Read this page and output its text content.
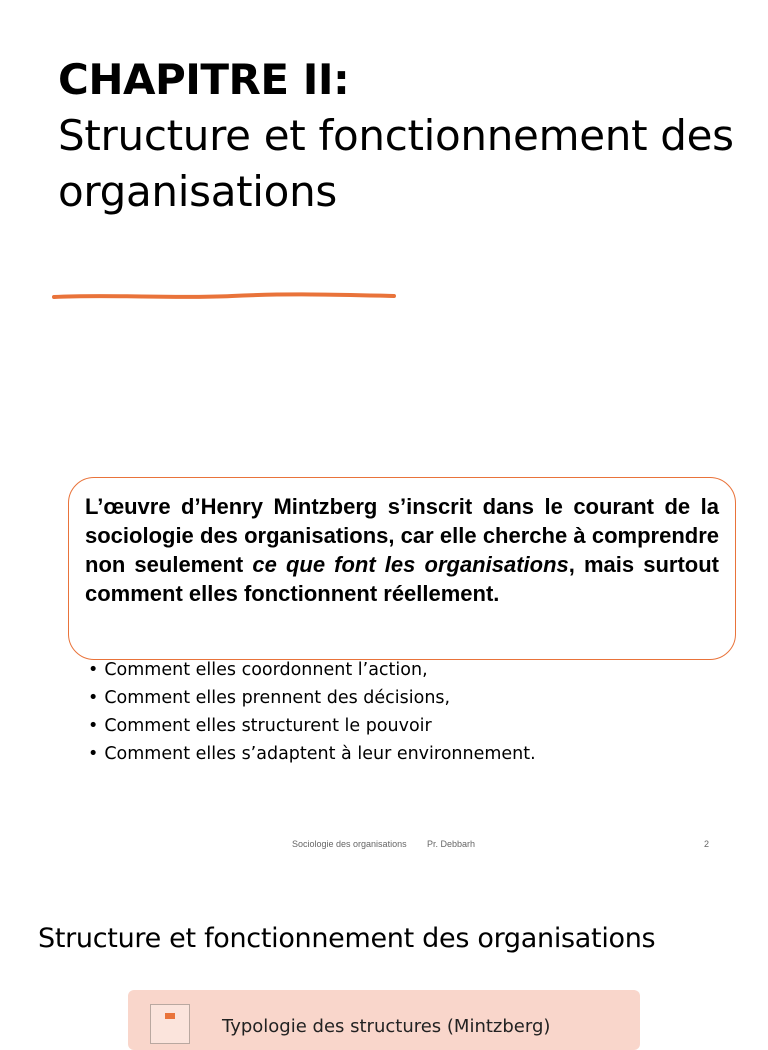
CHAPITRE II:
Structure et fonctionnement des organisations
L’œuvre d’Henry Mintzberg s’inscrit dans le courant de la sociologie des organisations, car elle cherche à comprendre non seulement ce que font les organisations, mais surtout comment elles fonctionnent réellement.
• Comment elles coordonnent l’action,
• Comment elles prennent des décisions,
• Comment elles structurent le pouvoir
• Comment elles s’adaptent à leur environnement.
Sociologie des organisations Pr. Debbarh	2
Structure et fonctionnement des organisations
Typologie des structures (Mintzberg)
